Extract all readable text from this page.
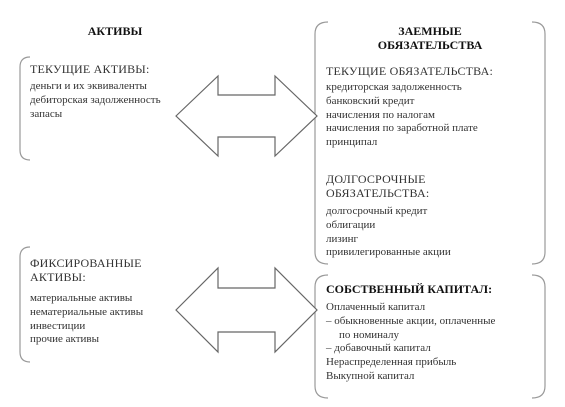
АКТИВЫ	ЗАЕМНЫЕ
ОБЯЗАТЕЛЬСТВА
ТЕКУЩИЕ АКТИВЫ:
деньги и их эквиваленты
дебиторская задолженность
запасы
ФИКСИРОВАННЫЕ
АКТИВЫ:
материальные активы
нематериальные активы
инвестиции
прочие активы
ТЕКУЩИЕ ОБЯЗАТЕЛЬСТВА:
кредиторская задолженность
банковский кредит
начисления по налогам
начисления по заработной плате
принципал
ДОЛГОСРОЧНЫЕ
ОБЯЗАТЕЛЬСТВА:
долгосрочный кредит
облигации
лизинг
привилегированные акции
СОБСТВЕННЫЙ КАПИТАЛ:
Оплаченный капитал
– обыкновенные акции, оплаченные
по номиналу
– добавочный капитал
Нераспределенная прибыль
Выкупной капитал
